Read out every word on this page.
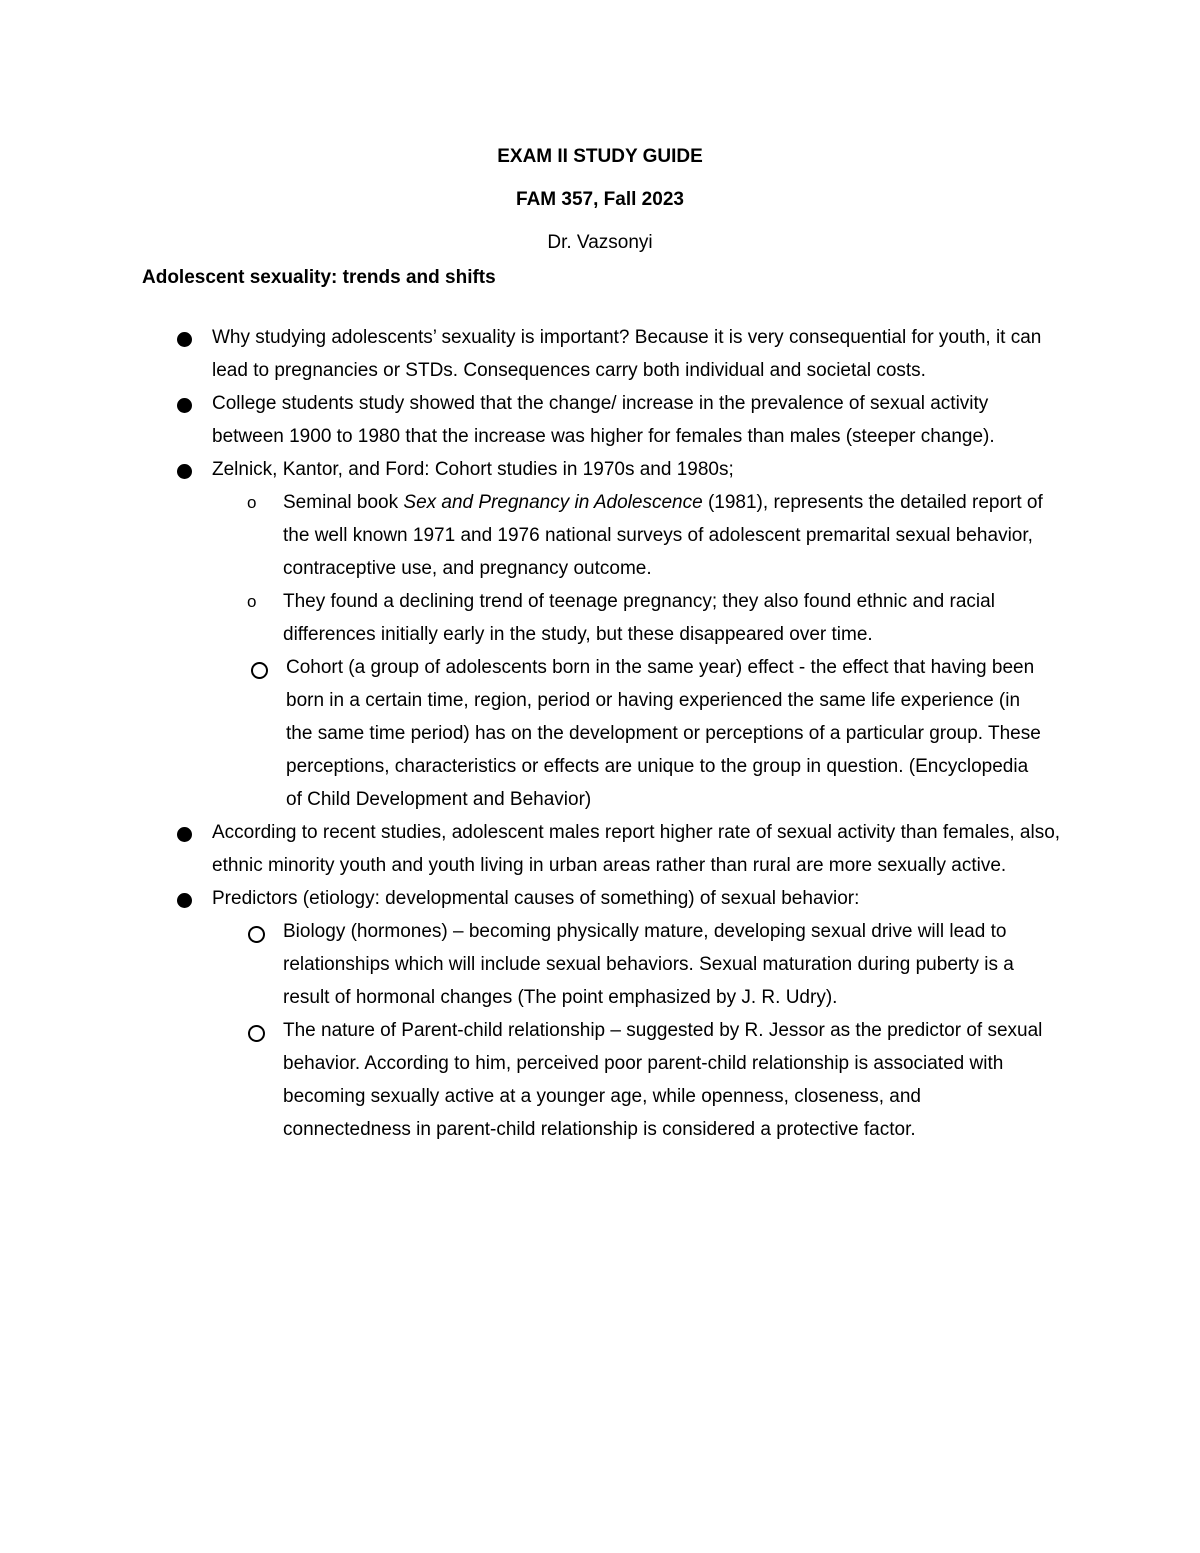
EXAM II STUDY GUIDE
FAM 357, Fall 2023
Dr. Vazsonyi
Adolescent sexuality: trends and shifts
Why studying adolescents’ sexuality is important? Because it is very consequential for youth, it can lead to pregnancies or STDs. Consequences carry both individual and societal costs.
College students study showed that the change/ increase in the prevalence of sexual activity between 1900 to 1980 that the increase was higher for females than males (steeper change).
Zelnick, Kantor, and Ford: Cohort studies in 1970s and 1980s;
o Seminal book Sex and Pregnancy in Adolescence (1981), represents the detailed report of the well known 1971 and 1976 national surveys of adolescent premarital sexual behavior, contraceptive use, and pregnancy outcome.
o They found a declining trend of teenage pregnancy; they also found ethnic and racial differences initially early in the study, but these disappeared over time.
Cohort (a group of adolescents born in the same year) effect - the effect that having been born in a certain time, region, period or having experienced the same life experience (in the same time period) has on the development or perceptions of a particular group. These perceptions, characteristics or effects are unique to the group in question. (Encyclopedia of Child Development and Behavior)
According to recent studies, adolescent males report higher rate of sexual activity than females, also, ethnic minority youth and youth living in urban areas rather than rural are more sexually active.
Predictors (etiology: developmental causes of something) of sexual behavior:
Biology (hormones) – becoming physically mature, developing sexual drive will lead to relationships which will include sexual behaviors. Sexual maturation during puberty is a result of hormonal changes (The point emphasized by J. R. Udry).
The nature of Parent-child relationship – suggested by R. Jessor as the predictor of sexual behavior. According to him, perceived poor parent-child relationship is associated with becoming sexually active at a younger age, while openness, closeness, and connectedness in parent-child relationship is considered a protective factor.
